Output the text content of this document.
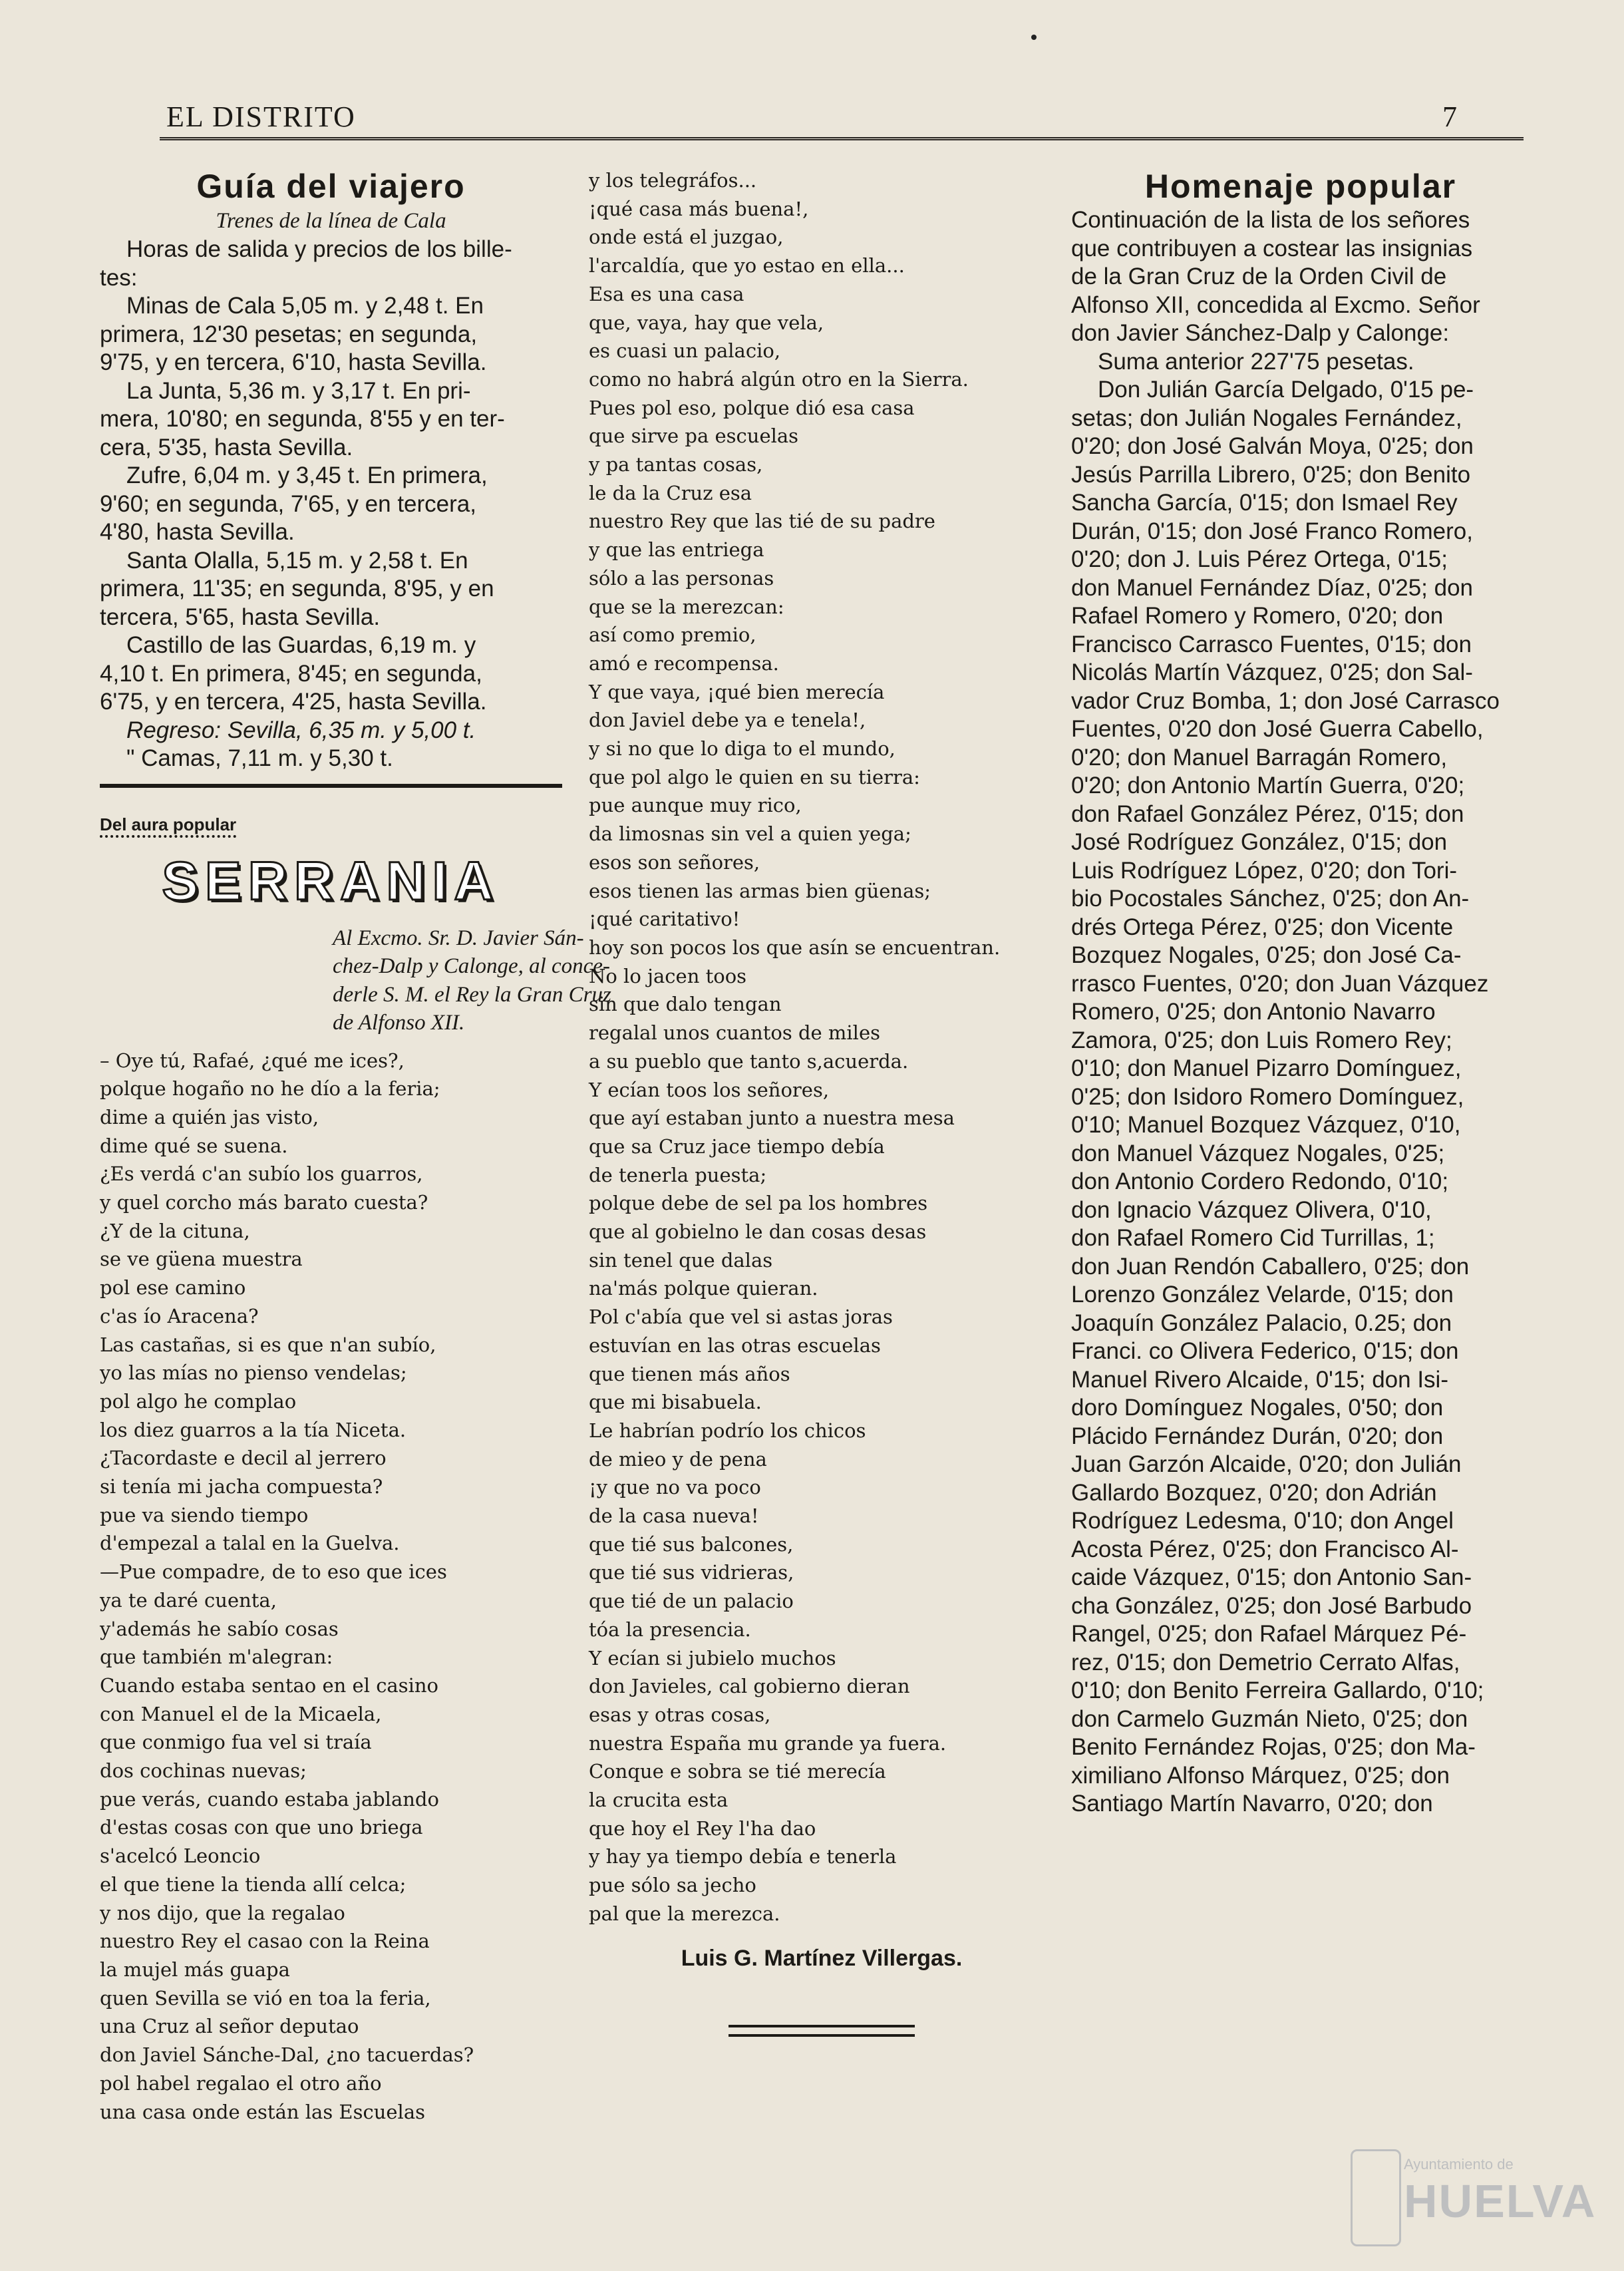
EL DISTRITO	7
Guía del viajero
Trenes de la línea de Cala
Horas de salida y precios de los bille-
tes:
Minas de Cala 5,05 m. y 2,48 t. En
primera, 12'30 pesetas; en segunda,
9'75, y en tercera, 6'10, hasta Sevilla.
La Junta, 5,36 m. y 3,17 t. En pri-
mera, 10'80; en segunda, 8'55 y en ter-
cera, 5'35, hasta Sevilla.
Zufre, 6,04 m. y 3,45 t. En primera,
9'60; en segunda, 7'65, y en tercera,
4'80, hasta Sevilla.
Santa Olalla, 5,15 m. y 2,58 t. En
primera, 11'35; en segunda, 8'95, y en
tercera, 5'65, hasta Sevilla.
Castillo de las Guardas, 6,19 m. y
4,10 t. En primera, 8'45; en segunda,
6'75, y en tercera, 4'25, hasta Sevilla.
Regreso: Sevilla, 6,35 m. y 5,00 t.
" Camas, 7,11 m. y 5,30 t.
Del aura popular
SERRANIA
Al Excmo. Sr. D. Javier Sán-
chez-Dalp y Calonge, al conce-
derle S. M. el Rey la Gran Cruz
de Alfonso XII.
– Oye tú, Rafaé, ¿qué me ices?,
polque hogaño no he dío a la feria;
dime a quién jas visto,
dime qué se suena.
¿Es verdá c'an subío los guarros,
y quel corcho más barato cuesta?
¿Y de la cituna,
se ve güena muestra
pol ese camino
c'as ío Aracena?
Las castañas, si es que n'an subío,
yo las mías no pienso vendelas;
pol algo he complao
los diez guarros a la tía Niceta.
¿Tacordaste e decil al jerrero
si tenía mi jacha compuesta?
pue va siendo tiempo
d'empezal a talal en la Guelva.
—Pue compadre, de to eso que ices
ya te daré cuenta,
y'además he sabío cosas
que también m'alegran:
Cuando estaba sentao en el casino
con Manuel el de la Micaela,
que conmigo fua vel si traía
dos cochinas nuevas;
pue verás, cuando estaba jablando
d'estas cosas con que uno briega
s'acelcó Leoncio
el que tiene la tienda allí celca;
y nos dijo, que la regalao
nuestro Rey el casao con la Reina
la mujel más guapa
quen Sevilla se vió en toa la feria,
una Cruz al señor deputao
don Javiel Sánche-Dal, ¿no tacuerdas?
pol habel regalao el otro año
una casa onde están las Escuelas
y los telegráfos...
¡qué casa más buena!,
onde está el juzgao,
l'arcaldía, que yo estao en ella...
Esa es una casa
que, vaya, hay que vela,
es cuasi un palacio,
como no habrá algún otro en la Sierra.
Pues pol eso, polque dió esa casa
que sirve pa escuelas
y pa tantas cosas,
le da la Cruz esa
nuestro Rey que las tié de su padre
y que las entriega
sólo a las personas
que se la merezcan:
así como premio,
amó e recompensa.
Y que vaya, ¡qué bien merecía
don Javiel debe ya e tenela!,
y si no que lo diga to el mundo,
que pol algo le quien en su tierra:
pue aunque muy rico,
da limosnas sin vel a quien yega;
esos son señores,
esos tienen las armas bien güenas;
¡qué caritativo!
hoy son pocos los que asín se encuentran.
No lo jacen toos
sin que dalo tengan
regalal unos cuantos de miles
a su pueblo que tanto s,acuerda.
Y ecían toos los señores,
que ayí estaban junto a nuestra mesa
que sa Cruz jace tiempo debía
de tenerla puesta;
polque debe de sel pa los hombres
que al gobielno le dan cosas desas
sin tenel que dalas
na'más polque quieran.
Pol c'abía que vel si astas joras
estuvían en las otras escuelas
que tienen más años
que mi bisabuela.
Le habrían podrío los chicos
de mieo y de pena
¡y que no va poco
de la casa nueva!
que tié sus balcones,
que tié sus vidrieras,
que tié de un palacio
tóa la presencia.
Y ecían si jubielo muchos
don Javieles, cal gobierno dieran
esas y otras cosas,
nuestra España mu grande ya fuera.
Conque e sobra se tié merecía
la crucita esta
que hoy el Rey l'ha dao
y hay ya tiempo debía e tenerla
pue sólo sa jecho
pal que la merezca.
Luis G. Martínez Villergas.
Homenaje popular
Continuación de la lista de los señores
que contribuyen a costear las insignias
de la Gran Cruz de la Orden Civil de
Alfonso XII, concedida al Excmo. Señor
don Javier Sánchez-Dalp y Calonge:
Suma anterior 227'75 pesetas.
Don Julián García Delgado, 0'15 pe-
setas; don Julián Nogales Fernández,
0'20; don José Galván Moya, 0'25; don
Jesús Parrilla Librero, 0'25; don Benito
Sancha García, 0'15; don Ismael Rey
Durán, 0'15; don José Franco Romero,
0'20; don J. Luis Pérez Ortega, 0'15;
don Manuel Fernández Díaz, 0'25; don
Rafael Romero y Romero, 0'20; don
Francisco Carrasco Fuentes, 0'15; don
Nicolás Martín Vázquez, 0'25; don Sal-
vador Cruz Bomba, 1; don José Carrasco
Fuentes, 0'20 don José Guerra Cabello,
0'20; don Manuel Barragán Romero,
0'20; don Antonio Martín Guerra, 0'20;
don Rafael González Pérez, 0'15; don
José Rodríguez González, 0'15; don
Luis Rodríguez López, 0'20; don Tori-
bio Pocostales Sánchez, 0'25; don An-
drés Ortega Pérez, 0'25; don Vicente
Bozquez Nogales, 0'25; don José Ca-
rrasco Fuentes, 0'20; don Juan Vázquez
Romero, 0'25; don Antonio Navarro
Zamora, 0'25; don Luis Romero Rey;
0'10; don Manuel Pizarro Domínguez,
0'25; don Isidoro Romero Domínguez,
0'10; Manuel Bozquez Vázquez, 0'10,
don Manuel Vázquez Nogales, 0'25;
don Antonio Cordero Redondo, 0'10;
don Ignacio Vázquez Olivera, 0'10,
don Rafael Romero Cid Turrillas, 1;
don Juan Rendón Caballero, 0'25; don
Lorenzo González Velarde, 0'15; don
Joaquín González Palacio, 0.25; don
Franci. co Olivera Federico, 0'15; don
Manuel Rivero Alcaide, 0'15; don Isi-
doro Domínguez Nogales, 0'50; don
Plácido Fernández Durán, 0'20; don
Juan Garzón Alcaide, 0'20; don Julián
Gallardo Bozquez, 0'20; don Adrián
Rodríguez Ledesma, 0'10; don Angel
Acosta Pérez, 0'25; don Francisco Al-
caide Vázquez, 0'15; don Antonio San-
cha González, 0'25; don José Barbudo
Rangel, 0'25; don Rafael Márquez Pé-
rez, 0'15; don Demetrio Cerrato Alfas,
0'10; don Benito Ferreira Gallardo, 0'10;
don Carmelo Guzmán Nieto, 0'25; don
Benito Fernández Rojas, 0'25; don Ma-
ximiliano Alfonso Márquez, 0'25; don
Santiago Martín Navarro, 0'20; don
Ayuntamiento de
HUELVA
